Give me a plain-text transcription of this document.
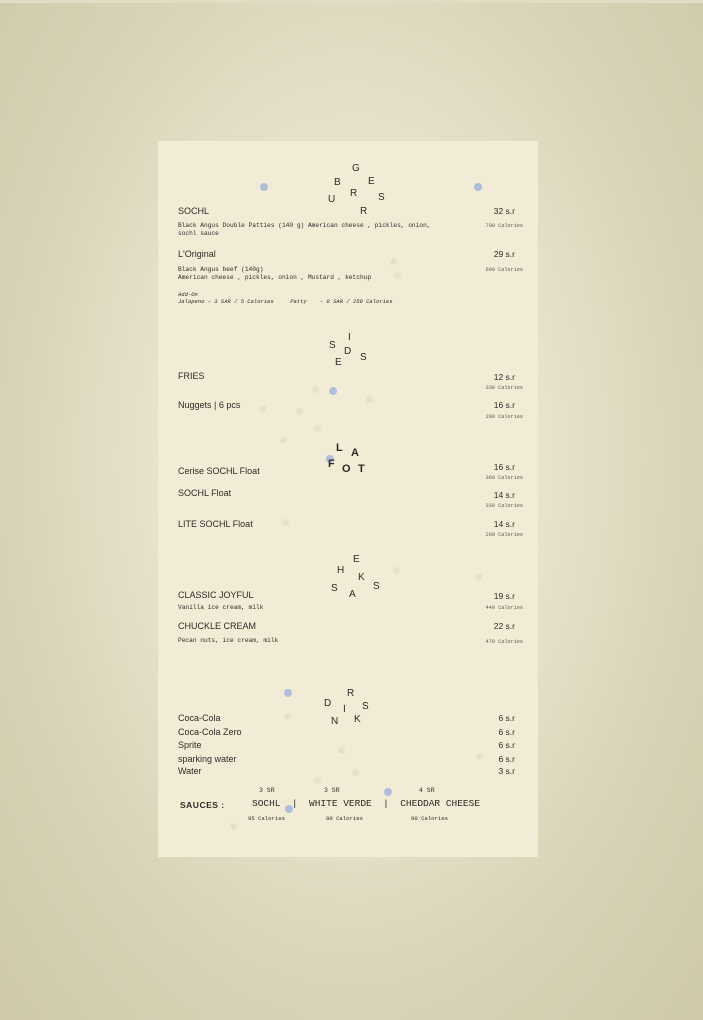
G
B	E
R
U	S
R
SOCHL	32 s.r
Black Angus Double Patties (140 g) American cheese , pickles, onion,
sochl sauce
700 Calories
L'Original	29 s.r
Black Angus beef (140g)
American cheese , pickles, onion , Mustard , ketchup
600 Calories
Add-On
Jalapeno – 3 SAR / 5 Calories     Patty    - 8 SAR / 250 Calories
I
S
D
S
E
FRIES	12 s.r
330 Calories
Nuggets | 6 pcs	16 s.r
200 Calories
L A
F O T
Cerise SOCHL Float	16 s.r
360 Calories
SOCHL Float	14 s.r
330 Calories
LITE SOCHL Float	14 s.r
200 Calories
E
H
K
S
A
S
CLASSIC JOYFUL	19 s.r
Vanilla ice cream, milk	440 Calories
CHUCKLE CREAM	22 s.r
Pecan nuts, ice cream, milk	470 Calories
R
D
I S
N K
Coca-Cola	6 s.r
Coca-Cola Zero	6 s.r
Sprite	6 s.r
sparking water	6 s.r
Water	3 s.r
3 SR	3 SR	4 SR
SAUCES :	SOCHL  |  WHITE VERDE  |  CHEDDAR CHEESE
95 Calories	80 Calories	90 Calories
